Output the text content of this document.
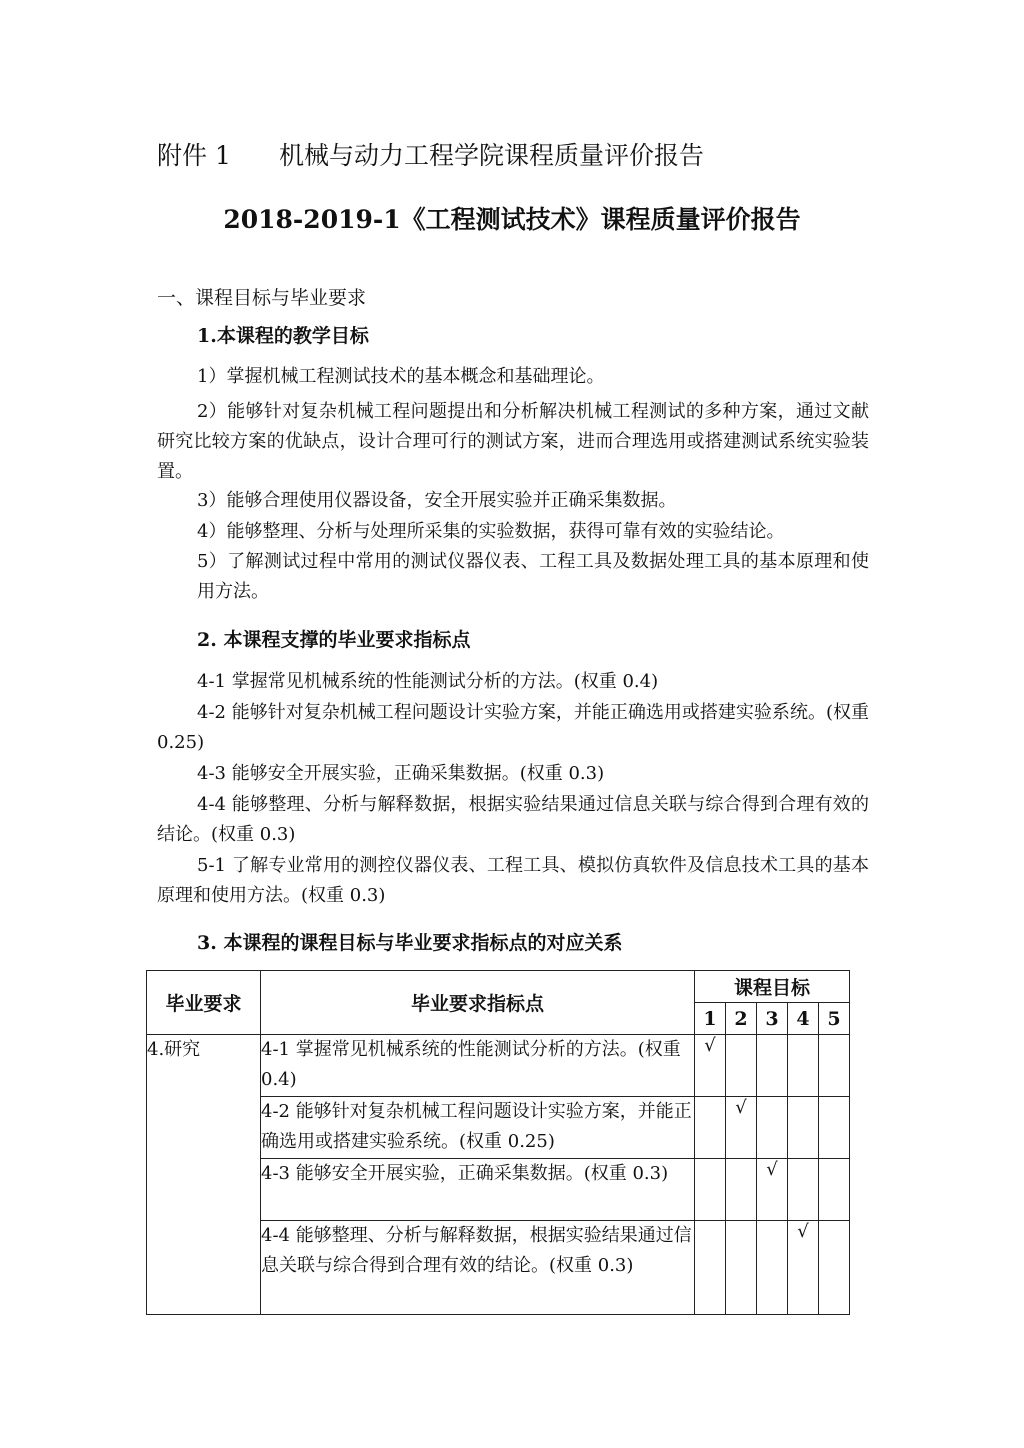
附件 1 机械与动力工程学院课程质量评价报告
2018-2019-1《工程测试技术》课程质量评价报告
一、课程目标与毕业要求
1.本课程的教学目标
1）掌握机械工程测试技术的基本概念和基础理论。
2）能够针对复杂机械工程问题提出和分析解决机械工程测试的多种方案，通过文献研究比较方案的优缺点，设计合理可行的测试方案，进而合理选用或搭建测试系统实验装置。
3）能够合理使用仪器设备，安全开展实验并正确采集数据。
4）能够整理、分析与处理所采集的实验数据，获得可靠有效的实验结论。
5）了解测试过程中常用的测试仪器仪表、工程工具及数据处理工具的基本原理和使用方法。
2. 本课程支撑的毕业要求指标点
4-1 掌握常见机械系统的性能测试分析的方法。(权重 0.4)
4-2 能够针对复杂机械工程问题设计实验方案，并能正确选用或搭建实验系统。(权重 0.25)
4-3 能够安全开展实验，正确采集数据。(权重 0.3)
4-4 能够整理、分析与解释数据，根据实验结果通过信息关联与综合得到合理有效的结论。(权重 0.3)
5-1 了解专业常用的测控仪器仪表、工程工具、模拟仿真软件及信息技术工具的基本原理和使用方法。(权重 0.3)
3. 本课程的课程目标与毕业要求指标点的对应关系
毕业要求	毕业要求指标点	课程目标				
		1	2	3	4	5
4.研究	4-1 掌握常见机械系统的性能测试分析的方法。(权重 0.4)	√				
	4-2 能够针对复杂机械工程问题设计实验方案，并能正确选用或搭建实验系统。(权重 0.25)		√			
	4-3 能够安全开展实验，正确采集数据。(权重 0.3)			√		
	4-4 能够整理、分析与解释数据，根据实验结果通过信息关联与综合得到合理有效的结论。(权重 0.3)				√	
